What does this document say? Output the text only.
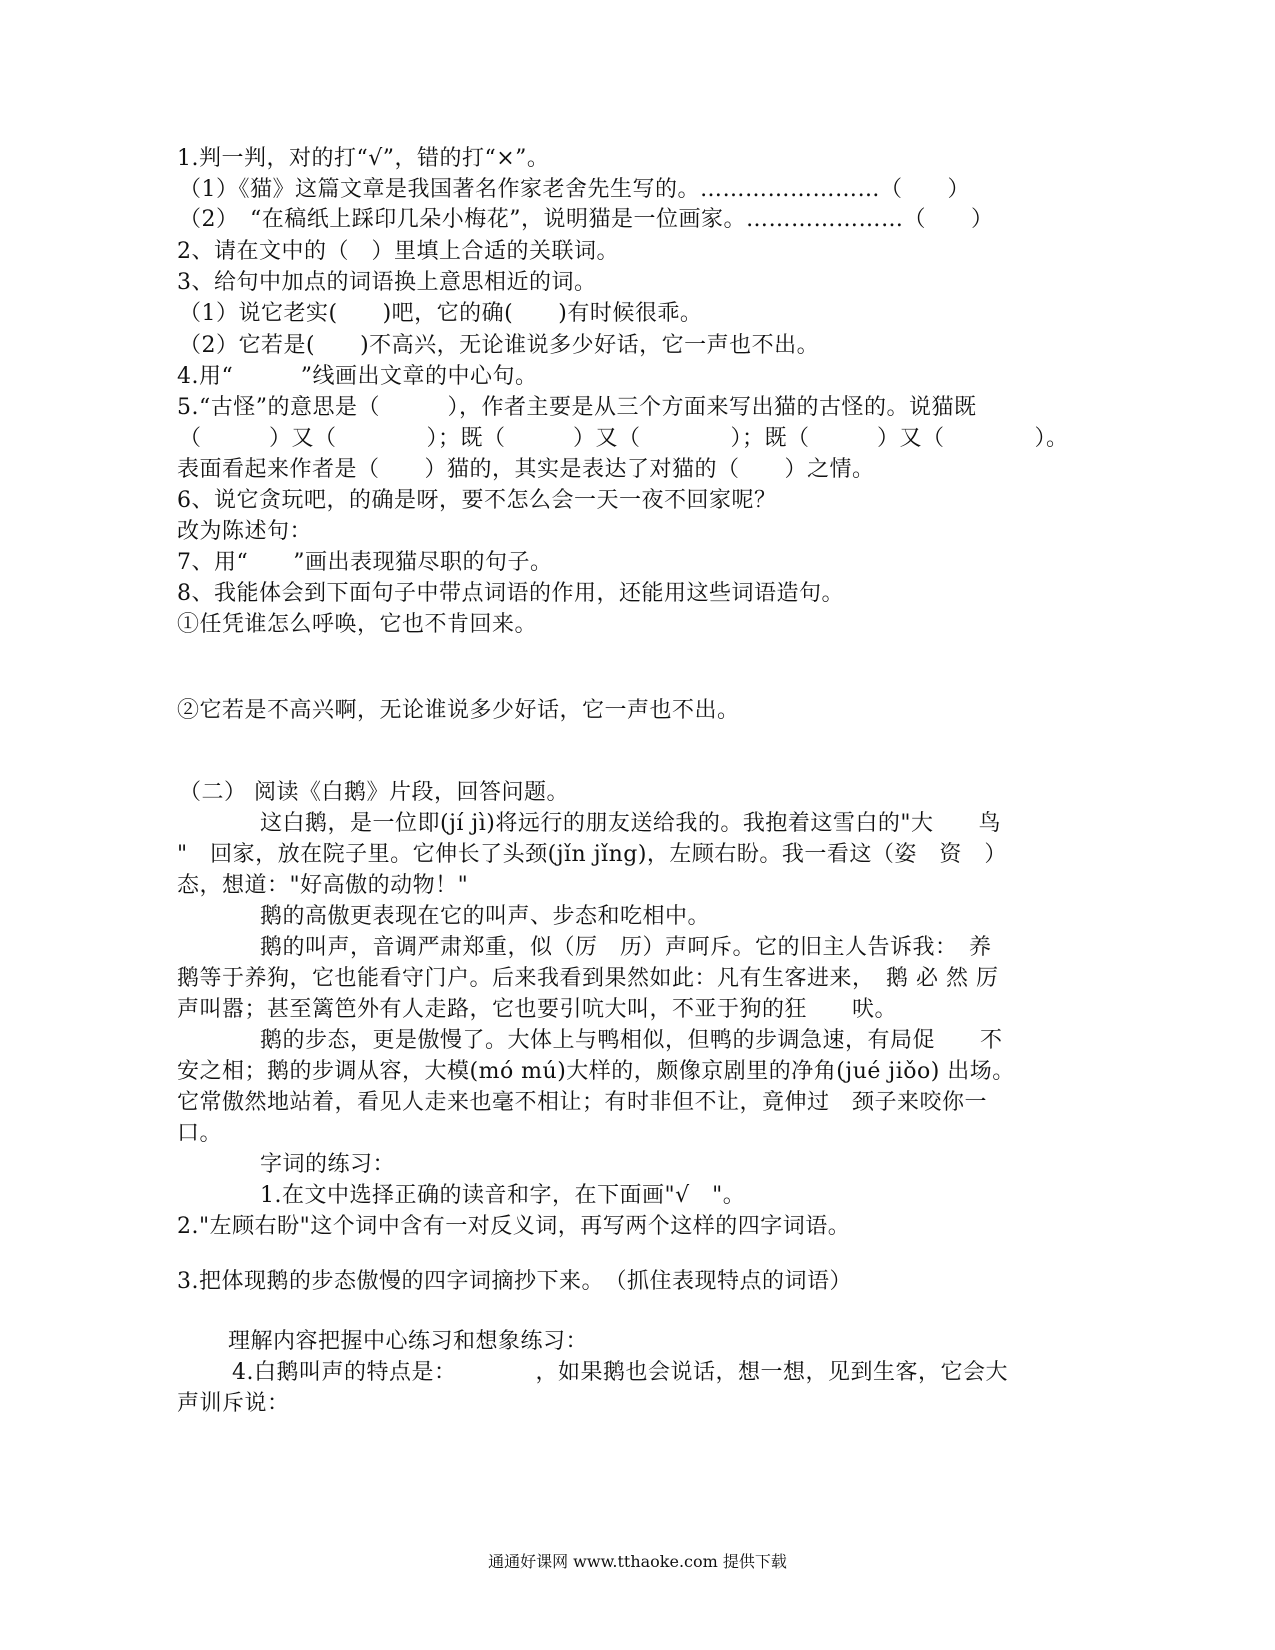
1.判一判，对的打“√”，错的打“×”。
（1）《猫》这篇文章是我国著名作家老舍先生写的。……………………（　　）
（2）　“在稿纸上踩印几朵小梅花”，说明猫是一位画家。…………………（　　）
2、请在文中的（　）里填上合适的关联词。
3、给句中加点的词语换上意思相近的词。
（1）说它老实(　　)吧，它的确(　　)有时候很乖。
（2）它若是(　　)不高兴，无论谁说多少好话，它一声也不出。
4.用“　　　”线画出文章的中心句。
5.“古怪”的意思是（　　　），作者主要是从三个方面来写出猫的古怪的。说猫既
（　　　）又（　　　　）；既（　　　）又（　　　　）；既（　　　）又（　　　　）。
表面看起来作者是（　　）猫的，其实是表达了对猫的（　　）之情。
6、说它贪玩吧，的确是呀，要不怎么会一天一夜不回家呢？
改为陈述句：
7、用“　　”画出表现猫尽职的句子。
8、我能体会到下面句子中带点词语的作用，还能用这些词语造句。
①任凭谁怎么呼唤，它也不肯回来。
②它若是不高兴啊，无论谁说多少好话，它一声也不出。
（二） 阅读《白鹅》片段，回答问题。
这白鹅，是一位即(jí jì)将远行的朋友送给我的。我抱着这雪白的"大　　鸟
"　回家，放在院子里。它伸长了头颈(jǐn jǐng)，左顾右盼。我一看这（姿　资　）
态，想道："好高傲的动物！"
鹅的高傲更表现在它的叫声、步态和吃相中。
鹅的叫声，音调严肃郑重，似（厉　历）声呵斥。它的旧主人告诉我：　养
鹅等于养狗，它也能看守门户。后来我看到果然如此：凡有生客进来，　鹅 必 然 厉
声叫嚣；甚至篱笆外有人走路，它也要引吭大叫，不亚于狗的狂　　吠。
鹅的步态，更是傲慢了。大体上与鸭相似，但鸭的步调急速，有局促　　不
安之相；鹅的步调从容，大模(mó mú)大样的，颇像京剧里的净角(jué jiǒo) 出场。
它常傲然地站着，看见人走来也毫不相让；有时非但不让，竟伸过　颈子来咬你一
口。
字词的练习：
1.在文中选择正确的读音和字，在下面画"√　"。
2."左顾右盼"这个词中含有一对反义词，再写两个这样的四字词语。
3.把体现鹅的步态傲慢的四字词摘抄下来。　（抓住表现特点的词语）
理解内容把握中心练习和想象练习：
4.白鹅叫声的特点是：　　　　，如果鹅也会说话，想一想，见到生客，它会大
声训斥说：
通通好课网 www.tthaoke.com 提供下载
